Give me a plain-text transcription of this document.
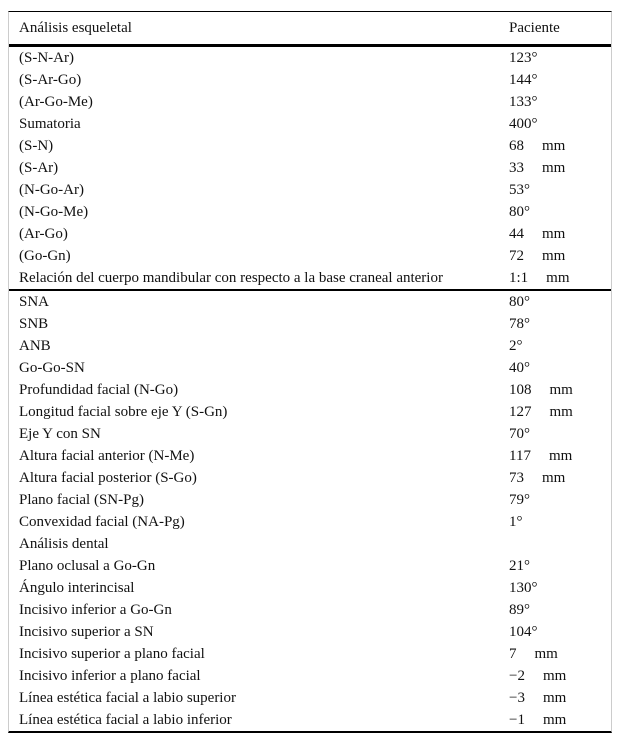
Análisis esqueletal	Paciente
(S-N-Ar)	123°
(S-Ar-Go)	144°
(Ar-Go-Me)	133°
Sumatoria	400°
(S-N)	68 mm
(S-Ar)	33 mm
(N-Go-Ar)	53°
(N-Go-Me)	80°
(Ar-Go)	44 mm
(Go-Gn)	72 mm
Relación del cuerpo mandibular con respecto a la base craneal anterior	1:1 mm
SNA	80°
SNB	78°
ANB	2°
Go-Go-SN	40°
Profundidad facial (N-Go)	108 mm
Longitud facial sobre eje Y (S-Gn)	127 mm
Eje Y con SN	70°
Altura facial anterior (N-Me)	117 mm
Altura facial posterior (S-Go)	73 mm
Plano facial (SN-Pg)	79°
Convexidad facial (NA-Pg)	1°
Análisis dental
Plano oclusal a Go-Gn	21°
Ángulo interincisal	130°
Incisivo inferior a Go-Gn	89°
Incisivo superior a SN	104°
Incisivo superior a plano facial	7 mm
Incisivo inferior a plano facial	−2 mm
Línea estética facial a labio superior	−3 mm
Línea estética facial a labio inferior	−1 mm
